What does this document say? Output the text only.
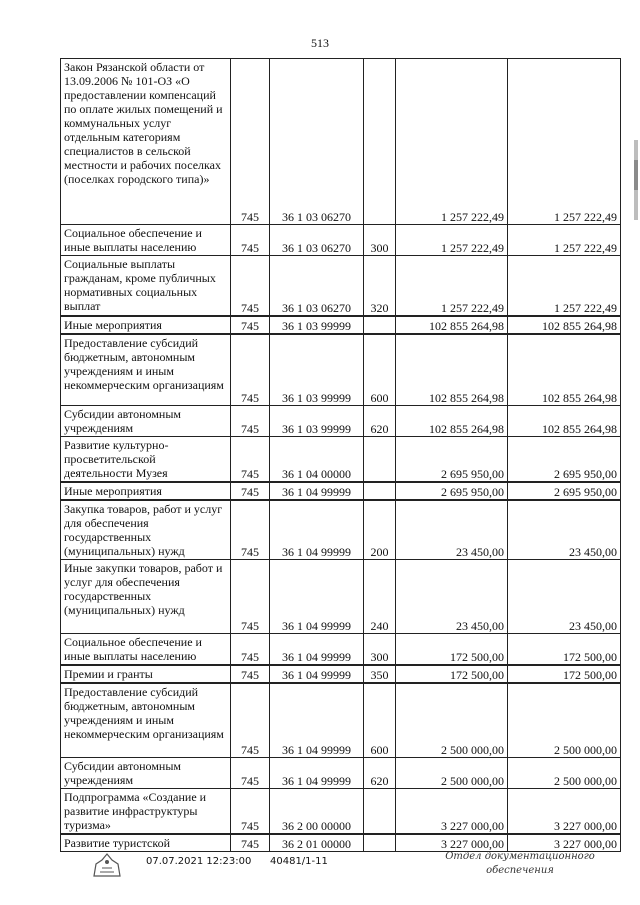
513
Закон Рязанской области от 13.09.2006 № 101-ОЗ «О предоставлении компенсаций по оплате жилых помещений и коммунальных услуг отдельным категориям специалистов в сельской местности и рабочих поселках (поселках городского типа)»	745	36 1 03 06270		1 257 222,49	1 257 222,49
Социальное обеспечение и иные выплаты населению	745	36 1 03 06270	300	1 257 222,49	1 257 222,49
Социальные выплаты гражданам, кроме публичных нормативных социальных выплат	745	36 1 03 06270	320	1 257 222,49	1 257 222,49
Иные мероприятия	745	36 1 03 99999		102 855 264,98	102 855 264,98
Предоставление субсидий бюджетным, автономным учреждениям и иным некоммерческим организациям	745	36 1 03 99999	600	102 855 264,98	102 855 264,98
Субсидии автономным учреждениям	745	36 1 03 99999	620	102 855 264,98	102 855 264,98
Развитие культурно-просветительской деятельности Музея	745	36 1 04 00000		2 695 950,00	2 695 950,00
Иные мероприятия	745	36 1 04 99999		2 695 950,00	2 695 950,00
Закупка товаров, работ и услуг для обеспечения государственных (муниципальных) нужд	745	36 1 04 99999	200	23 450,00	23 450,00
Иные закупки товаров, работ и услуг для обеспечения государственных (муниципальных) нужд	745	36 1 04 99999	240	23 450,00	23 450,00
Социальное обеспечение и иные выплаты населению	745	36 1 04 99999	300	172 500,00	172 500,00
Премии и гранты	745	36 1 04 99999	350	172 500,00	172 500,00
Предоставление субсидий бюджетным, автономным учреждениям и иным некоммерческим организациям	745	36 1 04 99999	600	2 500 000,00	2 500 000,00
Субсидии автономным учреждениям	745	36 1 04 99999	620	2 500 000,00	2 500 000,00
Подпрограмма «Создание и развитие инфраструктуры туризма»	745	36 2 00 00000		3 227 000,00	3 227 000,00
Развитие туристской	745	36 2 01 00000		3 227 000,00	3 227 000,00
07.07.2021 12:23:00 40481/1-11	Отдел документационного
обеспечения
